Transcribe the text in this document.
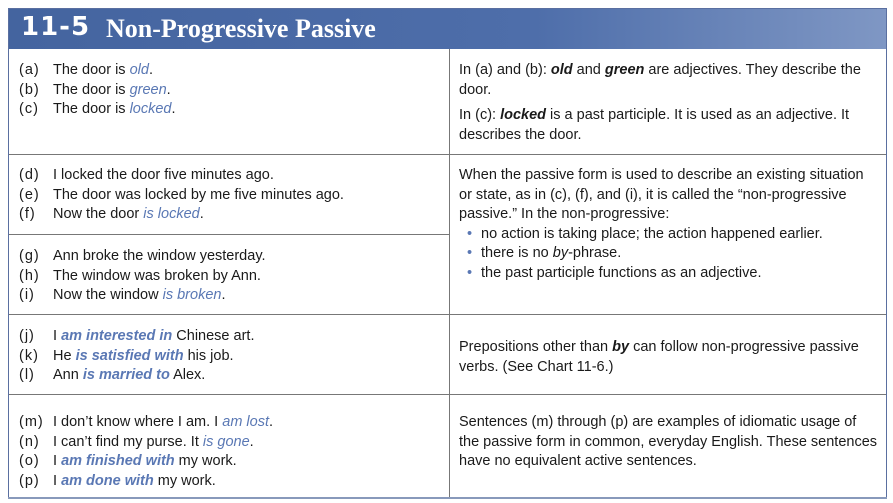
11-5 Non-Progressive Passive
(a) The door is old.
(b) The door is green.
(c) The door is locked.

In (a) and (b): old and green are adjectives. They describe the door.

In (c): locked is a past participle. It is used as an adjective. It describes the door.

(d) I locked the door five minutes ago.
(e) The door was locked by me five minutes ago.
(f) Now the door is locked.
(g) Ann broke the window yesterday.
(h) The window was broken by Ann.
(i) Now the window is broken.

When the passive form is used to describe an existing situation or state, as in (c), (f), and (i), it is called the “non-progressive passive.” In the non-progressive:

• no action is taking place; the action happened earlier.
• there is no by-phrase.
• the past participle functions as an adjective.
(j) I am interested in Chinese art.
(k) He is satisfied with his job.
(l) Ann is married to Alex.

Prepositions other than by can follow non-progressive passive verbs. (See Chart 11-6.)

(m) I don’t know where I am. I am lost.
(n) I can’t find my purse. It is gone.
(o) I am finished with my work.
(p) I am done with my work.

Sentences (m) through (p) are examples of idiomatic usage of the passive form in common, everyday English. These sentences have no equivalent active sentences.
